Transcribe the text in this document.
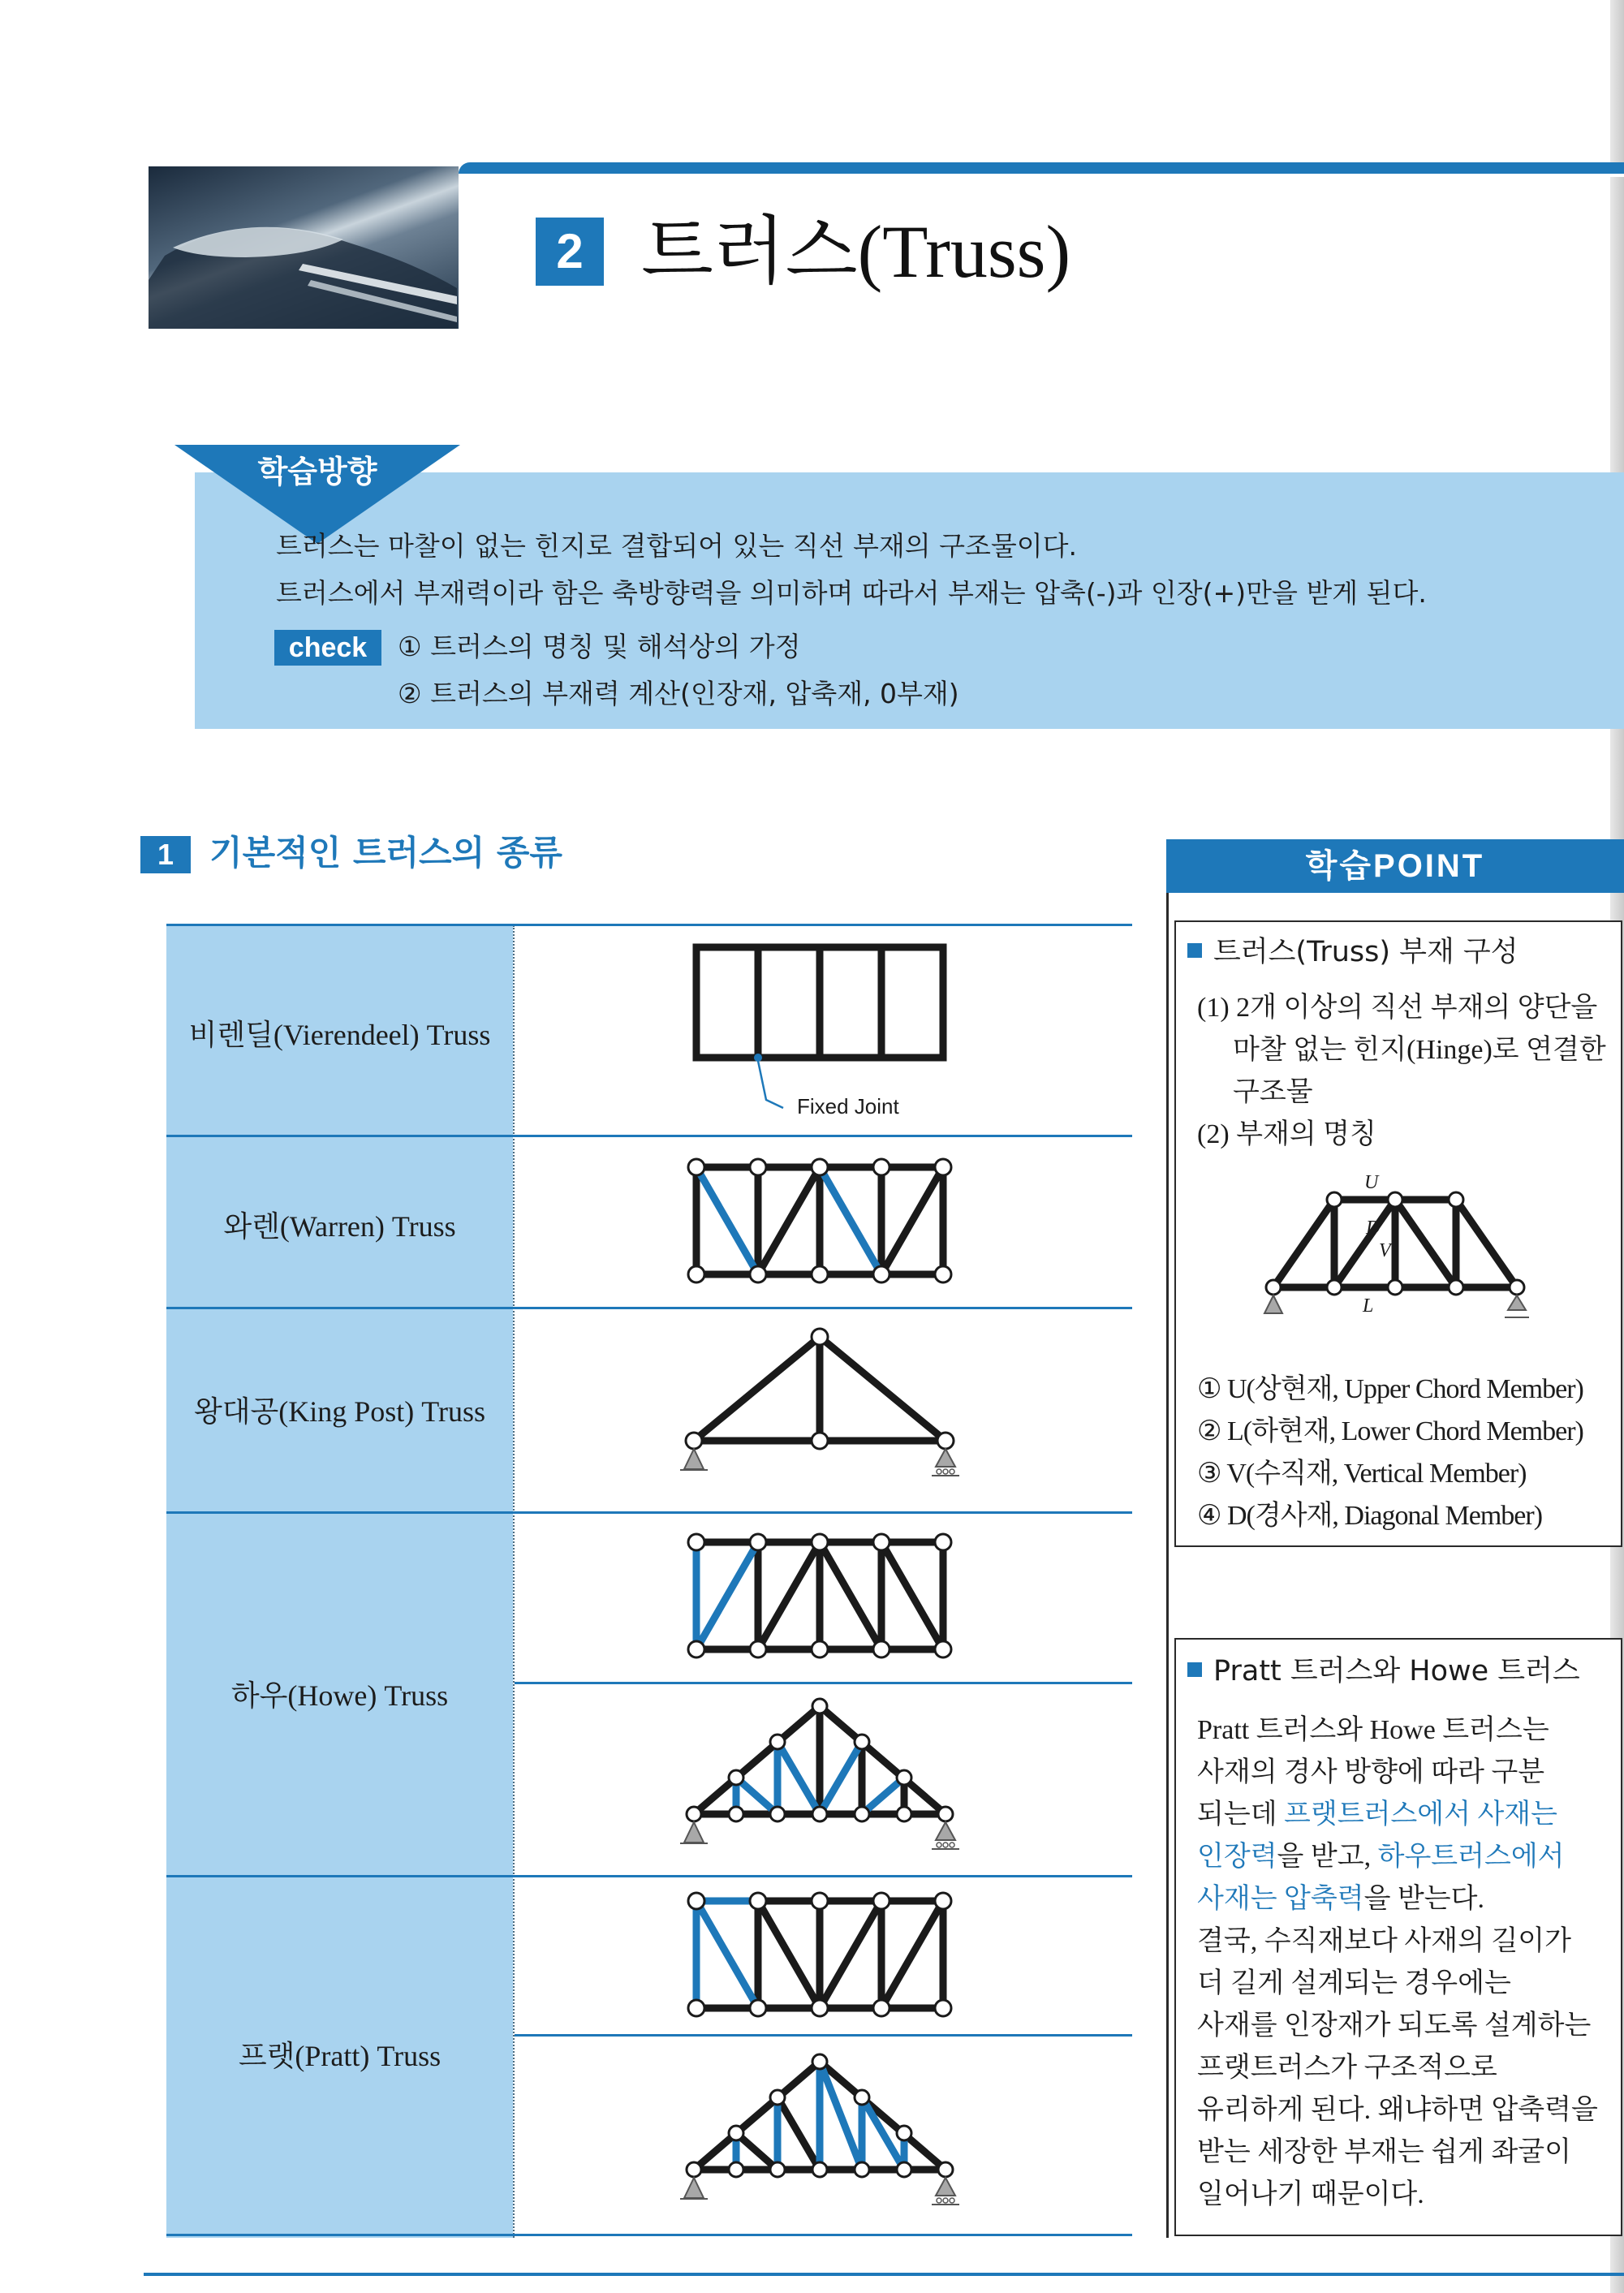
2 트러스(Truss)
학습방향
트러스는 마찰이 없는 힌지로 결합되어 있는 직선 부재의 구조물이다.
트러스에서 부재력이라 함은 축방향력을 의미하며 따라서 부재는 압축(-)과 인장(+)만을 받게 된다.
check	① 트러스의 명칭 및 해석상의 가정
② 트러스의 부재력 계산(인장재, 압축재, 0부재)
1	기본적인 트러스의 종류
비렌딜(Vierendeel) Truss
와렌(Warren) Truss
왕대공(King Post) Truss
하우(Howe) Truss
프랫(Pratt) Truss
Fixed Joint
학습POINT
트러스(Truss) 부재 구성
(1) 2개 이상의 직선 부재의 양단을
마찰 없는 힌지(Hinge)로 연결한
구조물
(2) 부재의 명칭
U
D
V
L
① U(상현재, Upper Chord Member)
② L(하현재, Lower Chord Member)
③ V(수직재, Vertical Member)
④ D(경사재, Diagonal Member)
Pratt 트러스와 Howe 트러스
Pratt 트러스와 Howe 트러스는
사재의 경사 방향에 따라 구분
되는데 프랫트러스에서 사재는
인장력을 받고, 하우트러스에서
사재는 압축력을 받는다.
결국, 수직재보다 사재의 길이가
더 길게 설계되는 경우에는
사재를 인장재가 되도록 설계하는
프랫트러스가 구조적으로
유리하게 된다. 왜냐하면 압축력을
받는 세장한 부재는 쉽게 좌굴이
일어나기 때문이다.
